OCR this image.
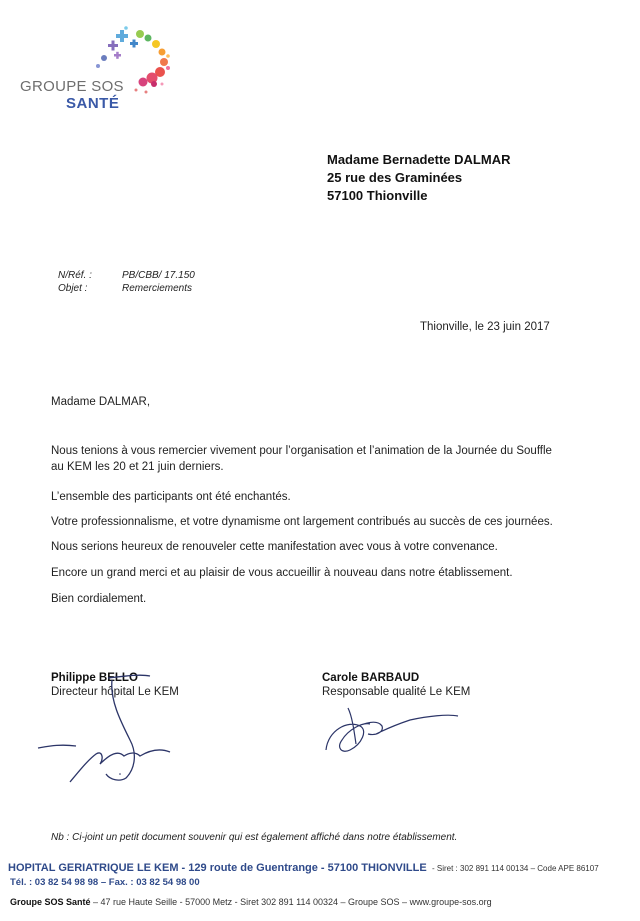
GROUPE SOS
SANTÉ
Madame Bernadette DALMAR
25 rue des Graminées
57100 Thionville
N/Réf. :	PB/CBB/ 17.150
Objet :	Remerciements
Thionville, le 23 juin 2017
Madame DALMAR,
Nous tenions à vous remercier vivement pour l’organisation et l’animation de la Journée du Souffle
au KEM les 20 et 21 juin derniers.
L’ensemble des participants ont été enchantés.
Votre professionnalisme, et votre dynamisme ont largement contribués au succès de ces journées.
Nous serions heureux de renouveler cette manifestation avec vous à votre convenance.
Encore un grand merci et au plaisir de vous accueillir à nouveau dans notre établissement.
Bien cordialement.
Philippe BELLO
Directeur hôpital Le KEM
Carole BARBAUD
Responsable qualité Le KEM
Nb : Ci-joint un petit document souvenir qui est également affiché dans notre établissement.
HOPITAL GERIATRIQUE LE KEM - 129 route de Guentrange - 57100 THIONVILLE - Siret : 302 891 114 00134 – Code APE 86107
Tél. : 03 82 54 98 98 – Fax. : 03 82 54 98 00
Groupe SOS Santé – 47 rue Haute Seille - 57000 Metz - Siret 302 891 114 00324 – Groupe SOS – www.groupe-sos.org
